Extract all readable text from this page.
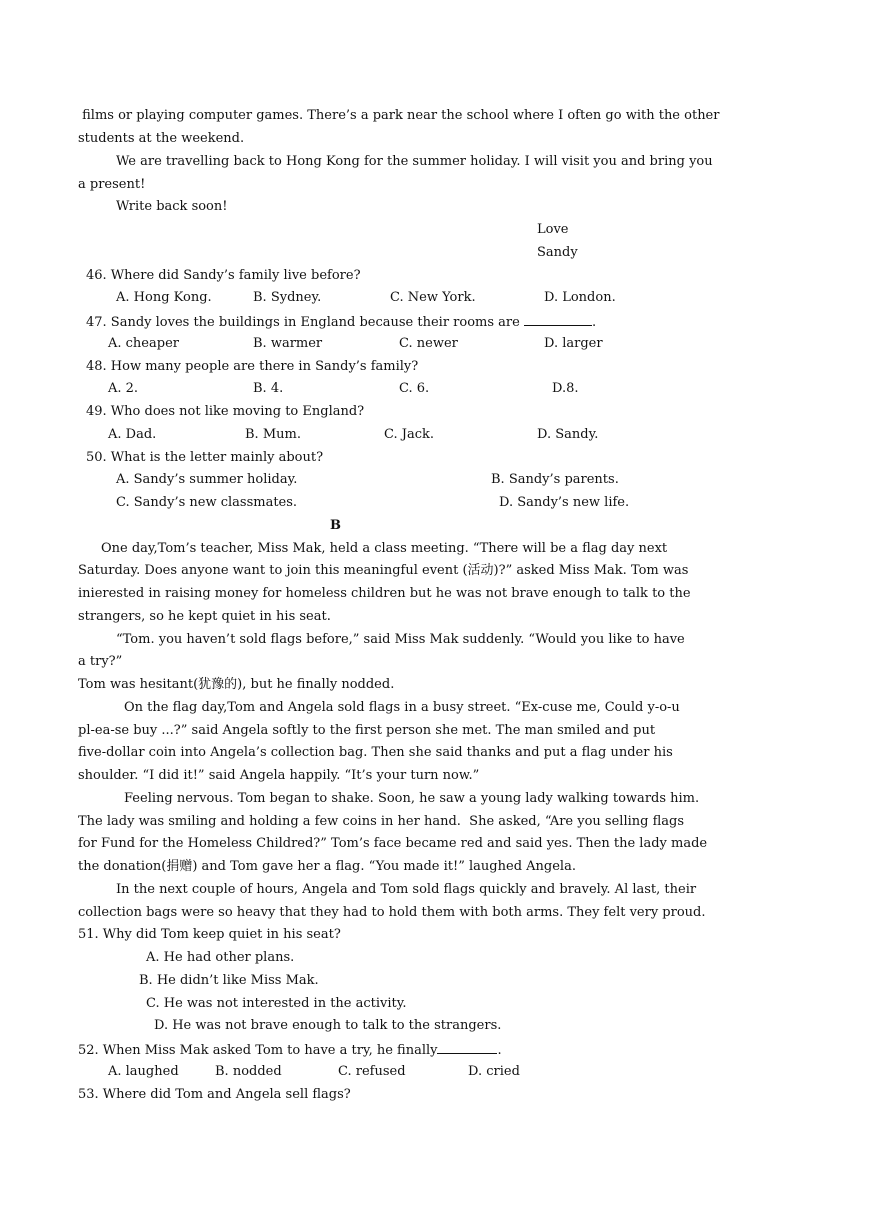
films or playing computer games. There’s a park near the school where I often go with the other
students at the weekend.
We are travelling back to Hong Kong for the summer holiday. I will visit you and bring you
a present!
Write back soon!
Love
Sandy
46. Where did Sandy’s family live before?
A. Hong Kong.	B. Sydney.	C. New York.	D. London.
47. Sandy loves the buildings in England because their rooms are	.
A. cheaper	B. warmer	C. newer	D. larger
48. How many people are there in Sandy’s family?
A. 2.	B. 4.	C. 6.	D.8.
49. Who does not like moving to England?
A. Dad.	B. Mum.	C. Jack.	D. Sandy.
50. What is the letter mainly about?
A. Sandy’s summer holiday.	B. Sandy’s parents.
C. Sandy’s new classmates.	D. Sandy’s new life.
B
One day,Tom’s teacher, Miss Mak, held a class meeting. “There will be a flag day next
Saturday. Does anyone want to join this meaningful event (活动)?” asked Miss Mak. Tom was
inierested in raising money for homeless children but he was not brave enough to talk to the
strangers, so he kept quiet in his seat.
“Tom. you haven’t sold flags before,” said Miss Mak suddenly. “Would you like to have
a try?”
Tom was hesitant(犹豫的), but he finally nodded.
On the flag day,Tom and Angela sold flags in a busy street. “Ex-cuse me, Could y-o-u
pl-ea-se buy ...?” said Angela softly to the first person she met. The man smiled and put
five-dollar coin into Angela’s collection bag. Then she said thanks and put a flag under his
shoulder. “I did it!” said Angela happily. “It’s your turn now.”
Feeling nervous. Tom began to shake. Soon, he saw a young lady walking towards him.
The lady was smiling and holding a few coins in her hand.  She asked, “Are you selling flags
for Fund for the Homeless Childred?” Tom’s face became red and said yes. Then the lady made
the donation(捐赠) and Tom gave her a flag. “You made it!” laughed Angela.
In the next couple of hours, Angela and Tom sold flags quickly and bravely. Al last, their
collection bags were so heavy that they had to hold them with both arms. They felt very proud.
51. Why did Tom keep quiet in his seat?
A. He had other plans.
B. He didn’t like Miss Mak.
C. He was not interested in the activity.
D. He was not brave enough to talk to the strangers.
52. When Miss Mak asked Tom to have a try, he finally	.
A. laughed	B. nodded	C. refused	D. cried
53. Where did Tom and Angela sell flags?
